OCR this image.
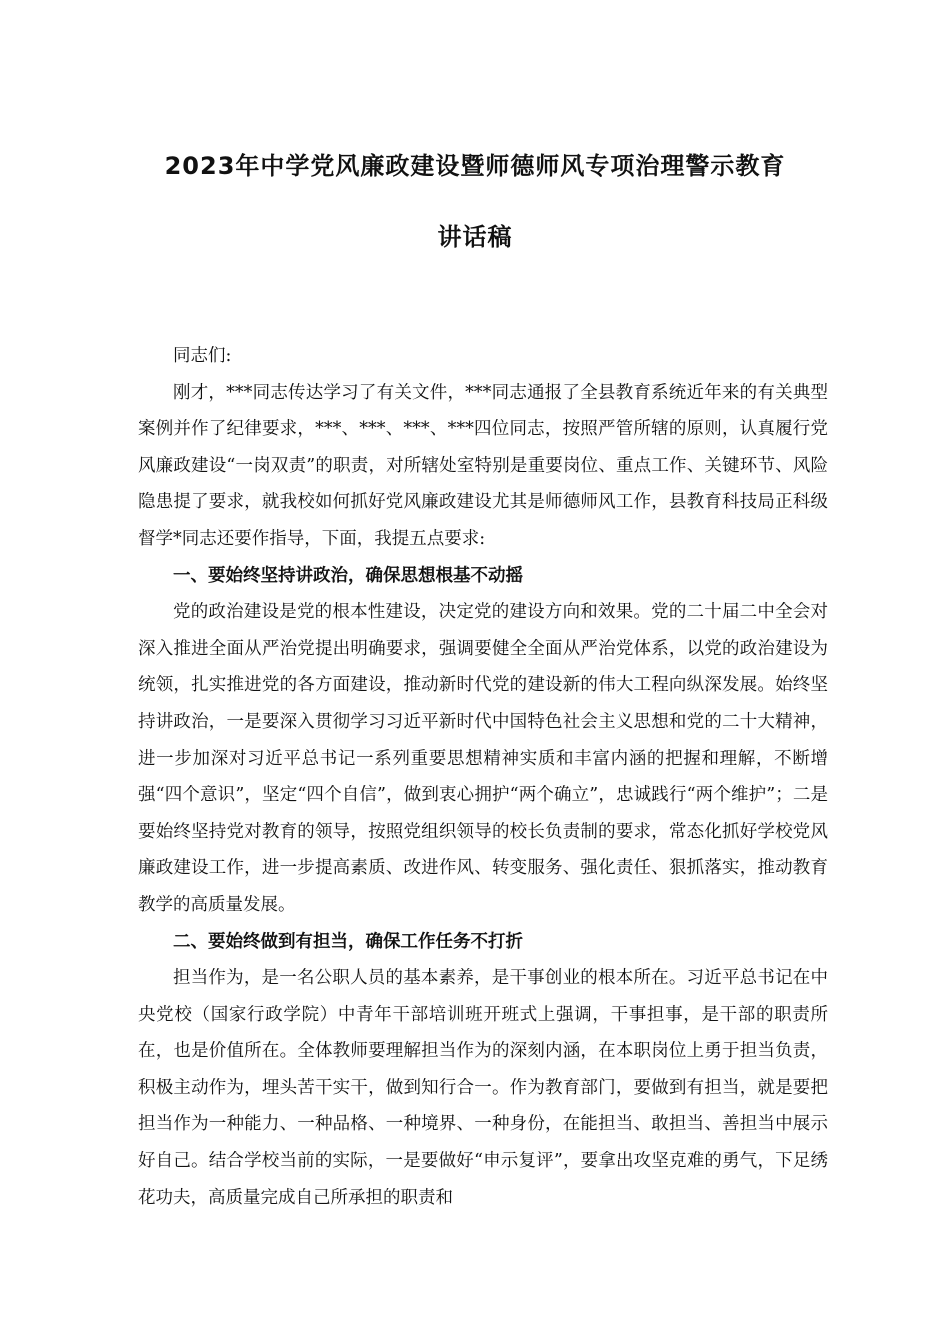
2023年中学党风廉政建设暨师德师风专项治理警示教育
讲话稿

同志们:

刚才，***同志传达学习了有关文件，***同志通报了全县教育系统近年来的有关典型案例并作了纪律要求，***、***、***、***四位同志，按照严管所辖的原则，认真履行党风廉政建设“一岗双责”的职责，对所辖处室特别是重要岗位、重点工作、关键环节、风险隐患提了要求，就我校如何抓好党风廉政建设尤其是师德师风工作，县教育科技局正科级督学*同志还要作指导，下面，我提五点要求:

一、要始终坚持讲政治，确保思想根基不动摇

党的政治建设是党的根本性建设，决定党的建设方向和效果。党的二十届二中全会对深入推进全面从严治党提出明确要求，强调要健全全面从严治党体系，以党的政治建设为统领，扎实推进党的各方面建设，推动新时代党的建设新的伟大工程向纵深发展。始终坚持讲政治，一是要深入贯彻学习习近平新时代中国特色社会主义思想和党的二十大精神，进一步加深对习近平总书记一系列重要思想精神实质和丰富内涵的把握和理解，不断增强“四个意识”，坚定“四个自信”，做到衷心拥护“两个确立”，忠诚践行“两个维护”；二是要始终坚持党对教育的领导，按照党组织领导的校长负责制的要求，常态化抓好学校党风廉政建设工作，进一步提高素质、改进作风、转变服务、强化责任、狠抓落实，推动教育教学的高质量发展。

二、要始终做到有担当，确保工作任务不打折

担当作为，是一名公职人员的基本素养，是干事创业的根本所在。习近平总书记在中央党校（国家行政学院）中青年干部培训班开班式上强调，干事担事，是干部的职责所在，也是价值所在。全体教师要理解担当作为的深刻内涵，在本职岗位上勇于担当负责，积极主动作为，埋头苦干实干，做到知行合一。作为教育部门，要做到有担当，就是要把担当作为一种能力、一种品格、一种境界、一种身份，在能担当、敢担当、善担当中展示好自己。结合学校当前的实际，一是要做好“申示复评”，要拿出攻坚克难的勇气，下足绣花功夫，高质量完成自己所承担的职责和
